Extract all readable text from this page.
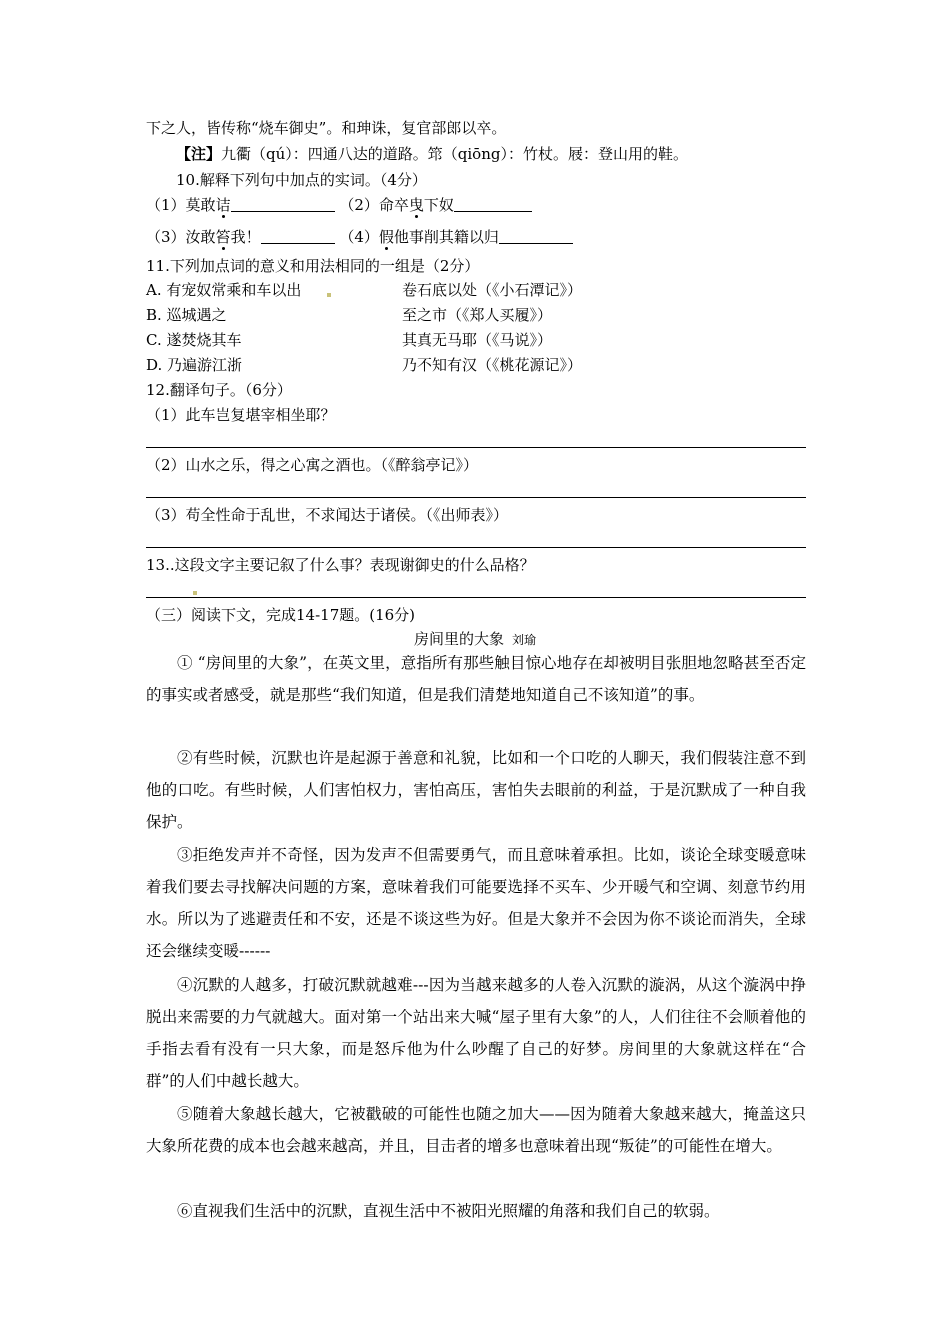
下之人，皆传称“烧车御史”。和珅诛，复官部郎以卒。
【注】九衢（qú）：四通八达的道路。筇（qiōng）：竹杖。屐：登山用的鞋。
10.解释下列句中加点的实词。（4分）
（1）莫敢诘	（2）命卒曳下奴
（3）汝敢笞我！	（4）假他事削其籍以归
11.下列加点词的意义和用法相同的一组是（2分）
A. 有宠奴常乘和车以出	卷石底以处（《小石潭记》）
B. 巡城遇之	至之市（《郑人买履》）
C. 遂焚烧其车	其真无马耶（《马说》）
D. 乃遍游江浙	乃不知有汉（《桃花源记》）
12.翻译句子。（6分）
（1）此车岂复堪宰相坐耶？
（2）山水之乐，得之心寓之酒也。（《醉翁亭记》）
（3）苟全性命于乱世，不求闻达于诸侯。（《出师表》）
13..这段文字主要记叙了什么事？表现谢御史的什么品格？
（三）阅读下文，完成14-17题。(16分)
房间里的大象 刘瑜
① “房间里的大象”，在英文里，意指所有那些触目惊心地存在却被明目张胆地忽略甚至否定的事实或者感受，就是那些“我们知道，但是我们清楚地知道自己不该知道”的事。
②有些时候，沉默也许是起源于善意和礼貌，比如和一个口吃的人聊天，我们假装注意不到他的口吃。有些时候，人们害怕权力，害怕高压，害怕失去眼前的利益，于是沉默成了一种自我保护。
③拒绝发声并不奇怪，因为发声不但需要勇气，而且意味着承担。比如，谈论全球变暖意味着我们要去寻找解决问题的方案，意味着我们可能要选择不买车、少开暖气和空调、刻意节约用水。所以为了逃避责任和不安，还是不谈这些为好。但是大象并不会因为你不谈论而消失，全球还会继续变暖------
④沉默的人越多，打破沉默就越难---因为当越来越多的人卷入沉默的漩涡，从这个漩涡中挣脱出来需要的力气就越大。面对第一个站出来大喊“屋子里有大象”的人，人们往往不会顺着他的手指去看有没有一只大象，而是怒斥他为什么吵醒了自己的好梦。房间里的大象就这样在“合群”的人们中越长越大。
⑤随着大象越长越大，它被戳破的可能性也随之加大——因为随着大象越来越大，掩盖这只大象所花费的成本也会越来越高，并且，目击者的增多也意味着出现“叛徒”的可能性在增大。
⑥直视我们生活中的沉默，直视生活中不被阳光照耀的角落和我们自己的软弱。
